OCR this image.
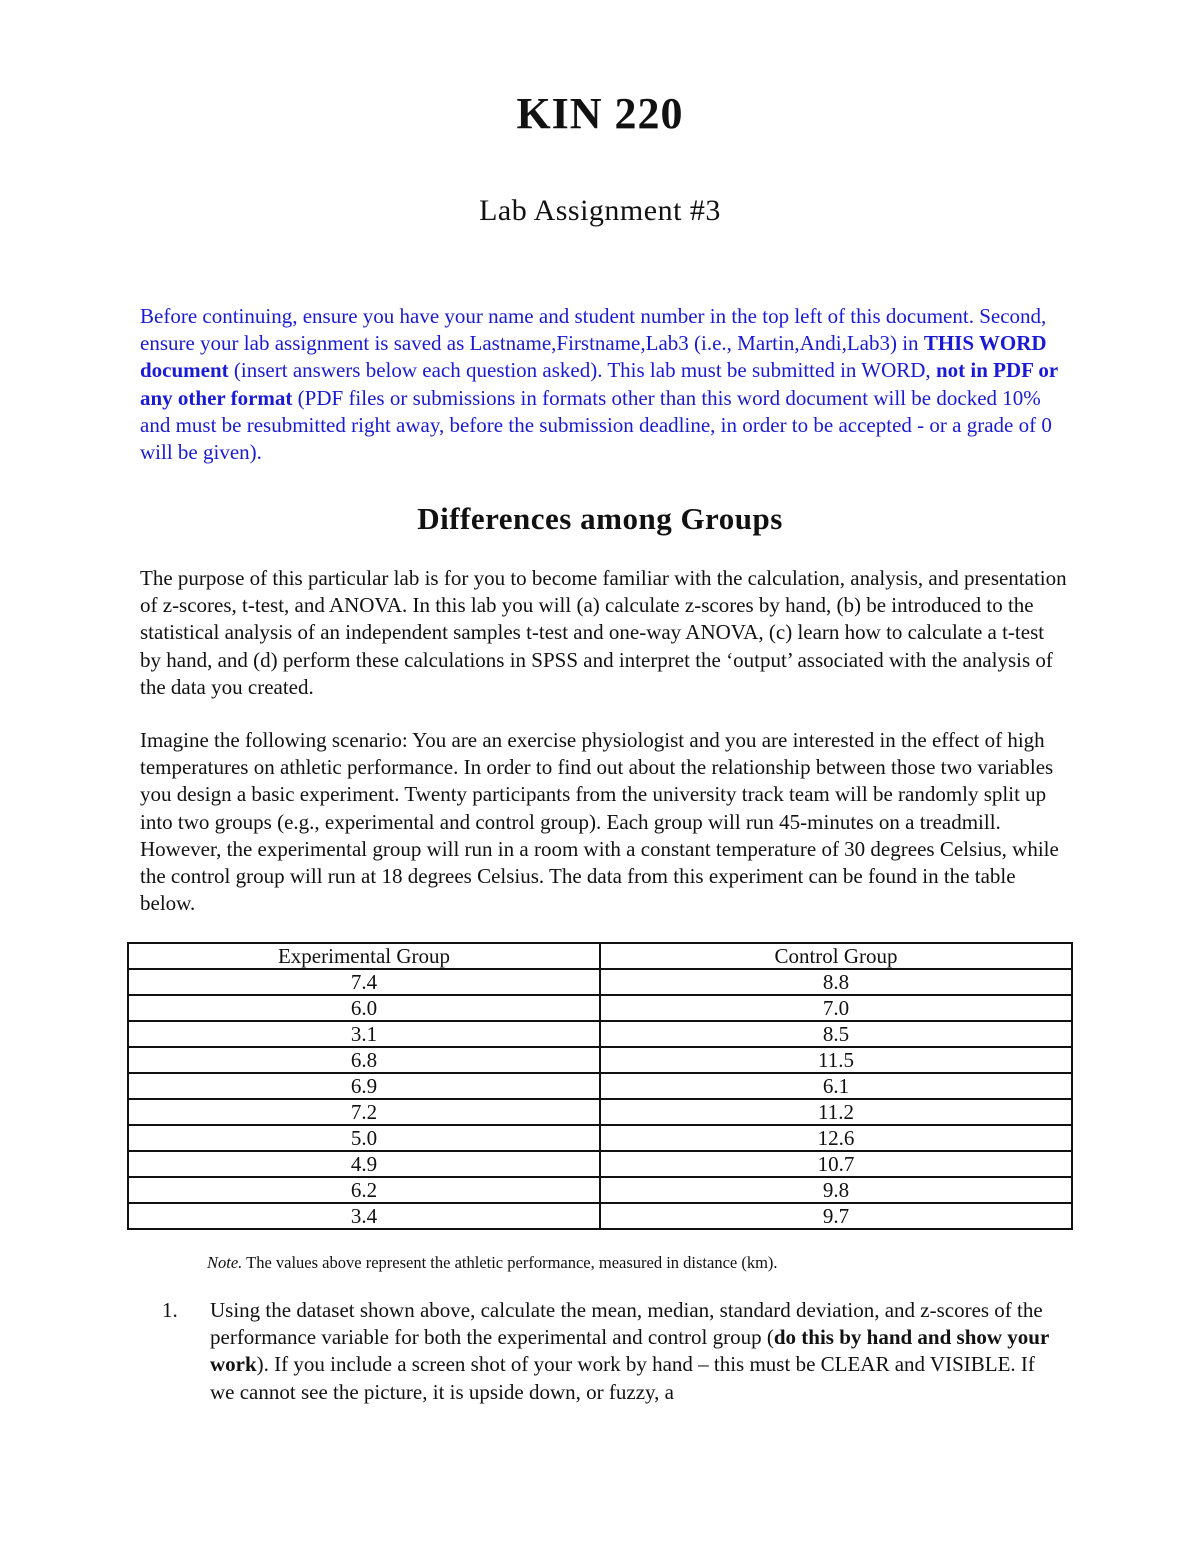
KIN 220
Lab Assignment #3
Before continuing, ensure you have your name and student number in the top left of this document. Second, ensure your lab assignment is saved as Lastname,Firstname,Lab3 (i.e., Martin,Andi,Lab3) in THIS WORD document (insert answers below each question asked). This lab must be submitted in WORD, not in PDF or any other format (PDF files or submissions in formats other than this word document will be docked 10% and must be resubmitted right away, before the submission deadline, in order to be accepted - or a grade of 0 will be given).
Differences among Groups
The purpose of this particular lab is for you to become familiar with the calculation, analysis, and presentation of z-scores, t-test, and ANOVA. In this lab you will (a) calculate z-scores by hand, (b) be introduced to the statistical analysis of an independent samples t-test and one-way ANOVA, (c) learn how to calculate a t-test by hand, and (d) perform these calculations in SPSS and interpret the ‘output’ associated with the analysis of the data you created.
Imagine the following scenario: You are an exercise physiologist and you are interested in the effect of high temperatures on athletic performance. In order to find out about the relationship between those two variables you design a basic experiment. Twenty participants from the university track team will be randomly split up into two groups (e.g., experimental and control group). Each group will run 45-minutes on a treadmill. However, the experimental group will run in a room with a constant temperature of 30 degrees Celsius, while the control group will run at 18 degrees Celsius. The data from this experiment can be found in the table below.
Experimental Group	Control Group
7.4	8.8
6.0	7.0
3.1	8.5
6.8	11.5
6.9	6.1
7.2	11.2
5.0	12.6
4.9	10.7
6.2	9.8
3.4	9.7
Note. The values above represent the athletic performance, measured in distance (km).
1. Using the dataset shown above, calculate the mean, median, standard deviation, and z-scores of the performance variable for both the experimental and control group (do this by hand and show your work). If you include a screen shot of your work by hand – this must be CLEAR and VISIBLE. If we cannot see the picture, it is upside down, or fuzzy, a
